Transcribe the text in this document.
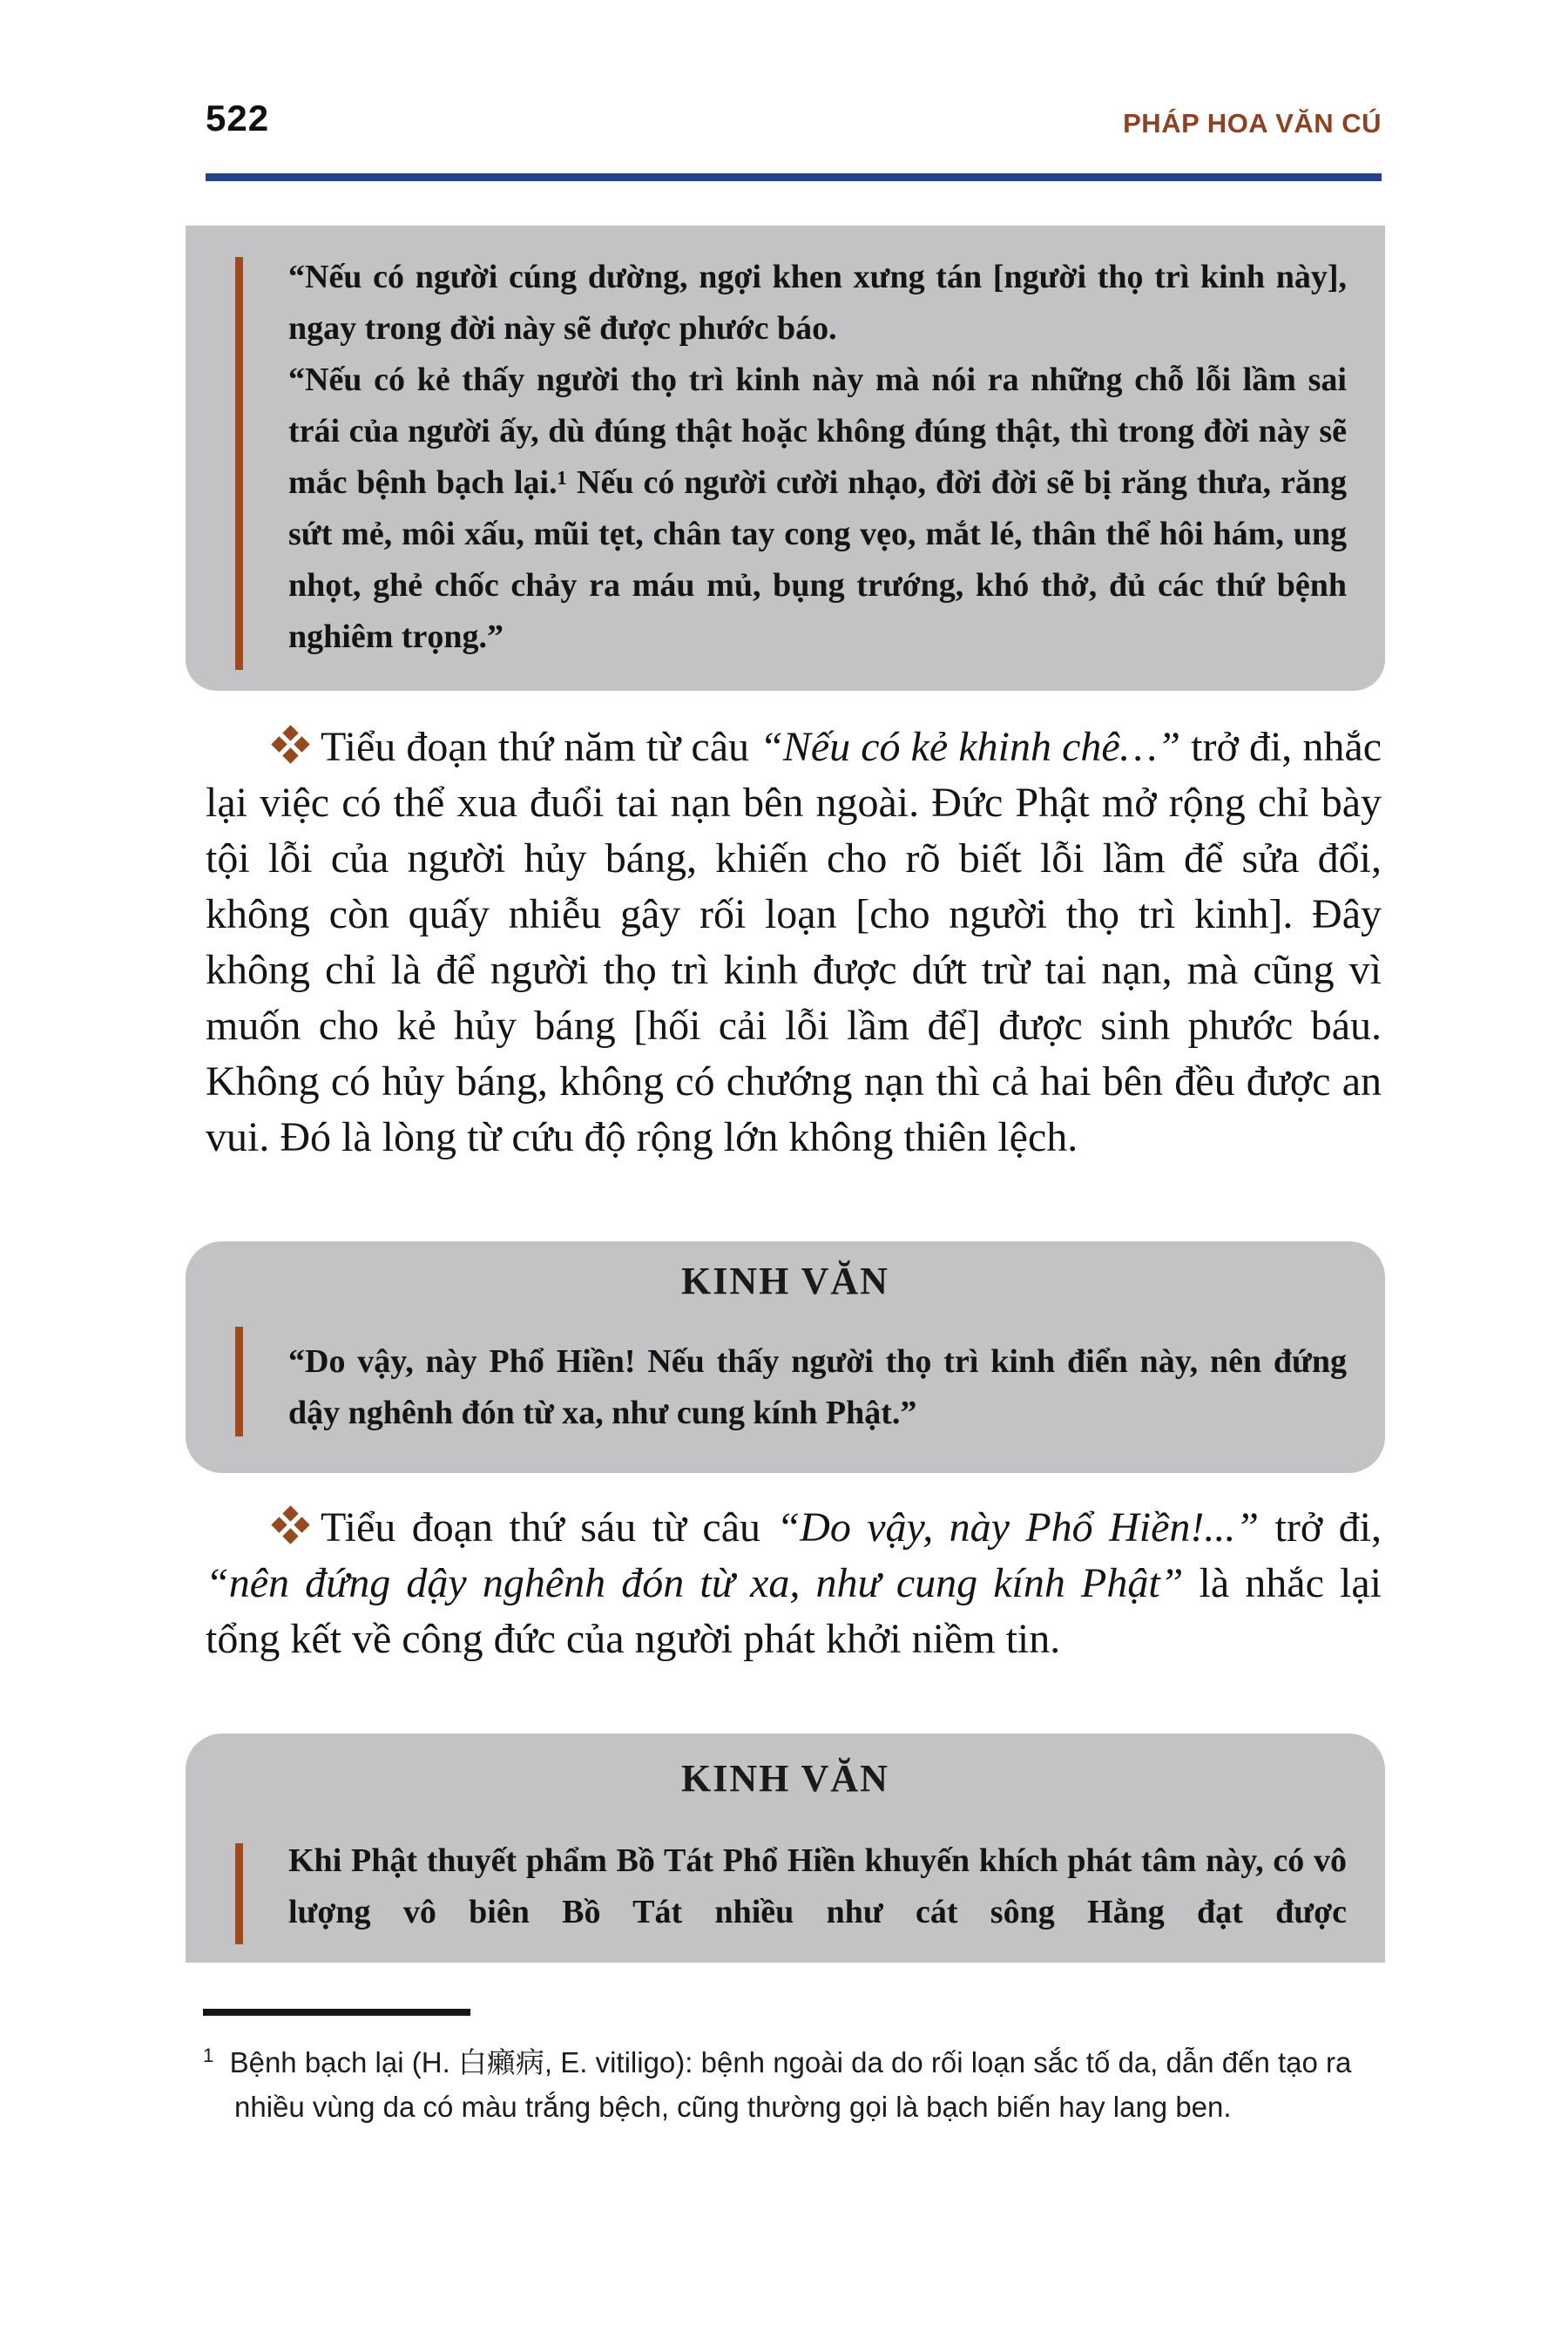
522	PHÁP HOA VĂN CÚ

“Nếu có người cúng dường, ngợi khen xưng tán [người thọ trì kinh này], ngay trong đời này sẽ được phước báo.

“Nếu có kẻ thấy người thọ trì kinh này mà nói ra những chỗ lỗi lầm sai trái của người ấy, dù đúng thật hoặc không đúng thật, thì trong đời này sẽ mắc bệnh bạch lại.¹ Nếu có người cười nhạo, đời đời sẽ bị răng thưa, răng sứt mẻ, môi xấu, mũi tẹt, chân tay cong vẹo, mắt lé, thân thể hôi hám, ung nhọt, ghẻ chốc chảy ra máu mủ, bụng trướng, khó thở, đủ các thứ bệnh nghiêm trọng.”

Tiểu đoạn thứ năm từ câu “Nếu có kẻ khinh chê…” trở đi, nhắc lại việc có thể xua đuổi tai nạn bên ngoài. Đức Phật mở rộng chỉ bày tội lỗi của người hủy báng, khiến cho rõ biết lỗi lầm để sửa đổi, không còn quấy nhiễu gây rối loạn [cho người thọ trì kinh]. Đây không chỉ là để người thọ trì kinh được dứt trừ tai nạn, mà cũng vì muốn cho kẻ hủy báng [hối cải lỗi lầm để] được sinh phước báu. Không có hủy báng, không có chướng nạn thì cả hai bên đều được an vui. Đó là lòng từ cứu độ rộng lớn không thiên lệch.

KINH VĂN

“Do vậy, này Phổ Hiền! Nếu thấy người thọ trì kinh điển này, nên đứng dậy nghênh đón từ xa, như cung kính Phật.”

Tiểu đoạn thứ sáu từ câu “Do vậy, này Phổ Hiền!...” trở đi, “nên đứng dậy nghênh đón từ xa, như cung kính Phật” là nhắc lại tổng kết về công đức của người phát khởi niềm tin.

KINH VĂN

Khi Phật thuyết phẩm Bồ Tát Phổ Hiền khuyến khích phát tâm này, có vô lượng vô biên Bồ Tát nhiều như cát sông Hằng đạt được

$^1$ Bệnh bạch lại (H. 白癩病, E. vitiligo): bệnh ngoài da do rối loạn sắc tố da, dẫn đến tạo ra nhiều vùng da có màu trắng bệch, cũng thường gọi là bạch biến hay lang ben.
